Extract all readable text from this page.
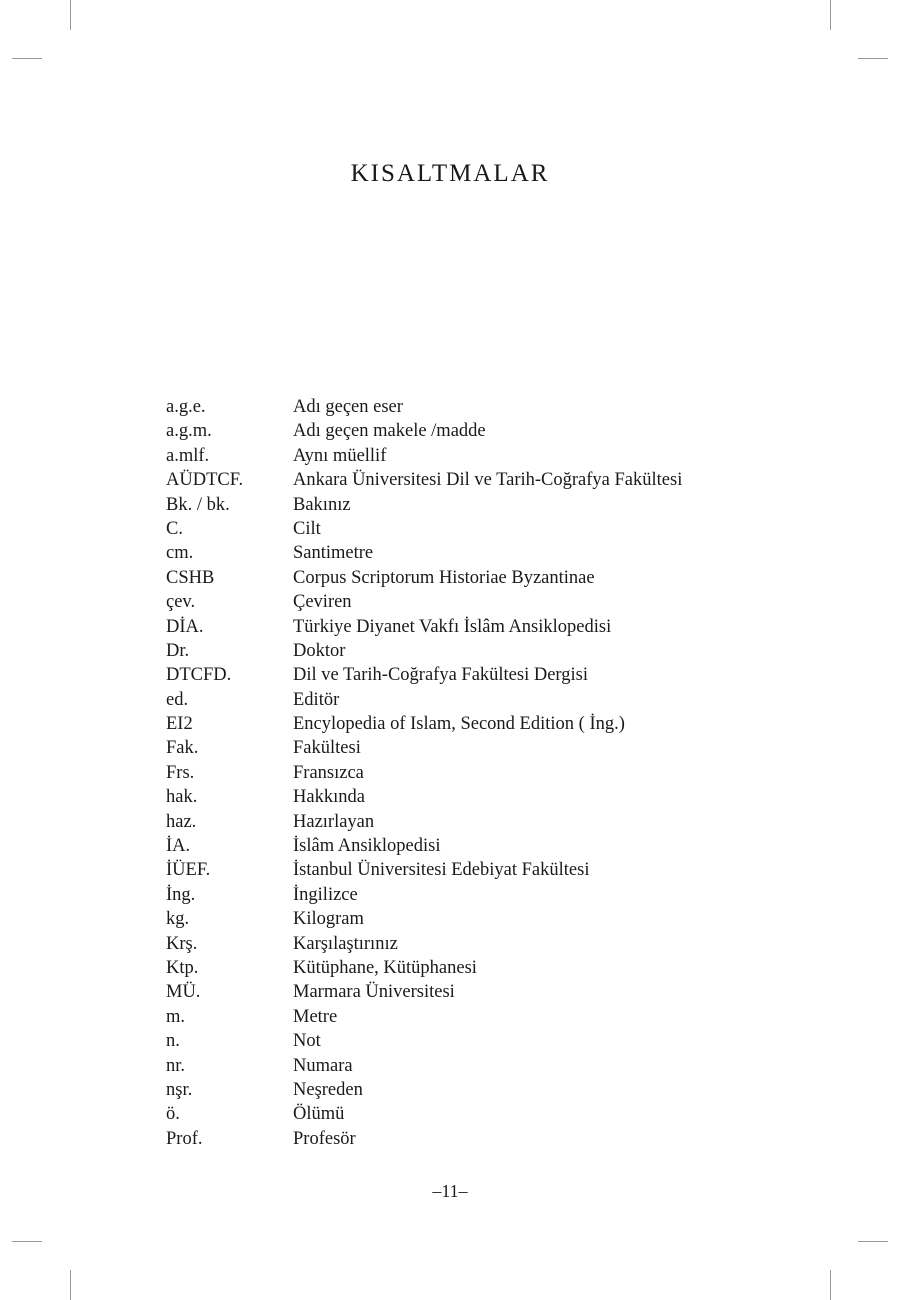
KISALTMALAR
a.g.e.	Adı geçen eser
a.g.m.	Adı geçen makele /madde
a.mlf.	Aynı müellif
AÜDTCF.	Ankara Üniversitesi Dil ve Tarih-Coğrafya Fakültesi
Bk. / bk.	Bakınız
C.	Cilt
cm.	Santimetre
CSHB	Corpus Scriptorum Historiae Byzantinae
çev.	Çeviren
DİA.	Türkiye Diyanet Vakfı İslâm Ansiklopedisi
Dr.	Doktor
DTCFD.	Dil ve Tarih-Coğrafya Fakültesi Dergisi
ed.	Editör
EI2	Encylopedia of Islam, Second Edition ( İng.)
Fak.	Fakültesi
Frs.	Fransızca
hak.	Hakkında
haz.	Hazırlayan
İA.	İslâm Ansiklopedisi
İÜEF.	İstanbul Üniversitesi Edebiyat Fakültesi
İng.	İngilizce
kg.	Kilogram
Krş.	Karşılaştırınız
Ktp.	Kütüphane, Kütüphanesi
MÜ.	Marmara Üniversitesi
m.	Metre
n.	Not
nr.	Numara
nşr.	Neşreden
ö.	Ölümü
Prof.	Profesör
–11–
